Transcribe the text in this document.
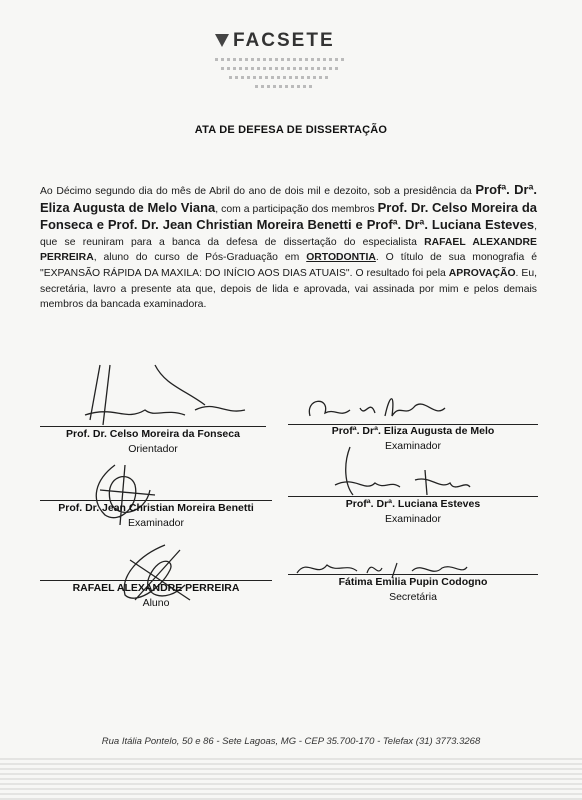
FACSETE
ATA DE DEFESA DE DISSERTAÇÃO
Ao Décimo segundo dia do mês de Abril do ano de dois mil e dezoito, sob a presidência da Profª. Drª. Eliza Augusta de Melo Viana, com a participação dos membros Prof. Dr. Celso Moreira da Fonseca e Prof. Dr. Jean Christian Moreira Benetti e Profª. Drª. Luciana Esteves, que se reuniram para a banca da defesa de dissertação do especialista RAFAEL ALEXANDRE PERREIRA, aluno do curso de Pós-Graduação em ORTODONTIA. O título de sua monografia é "EXPANSÃO RÁPIDA DA MAXILA: DO INÍCIO AOS DIAS ATUAIS". O resultado foi pela APROVAÇÃO. Eu, secretária, lavro a presente ata que, depois de lida e aprovada, vai assinada por mim e pelos demais membros da bancada examinadora.
Prof. Dr. Celso Moreira da Fonseca
Orientador
Profª. Drª. Eliza Augusta de Melo
Examinador
Prof. Dr. Jean Christian Moreira Benetti
Examinador
Profª. Drª. Luciana Esteves
Examinador
RAFAEL ALEXANDRE PERREIRA
Aluno
Fátima Emilia Pupin Codogno
Secretária
Rua Itália Pontelo, 50 e 86 - Sete Lagoas, MG - CEP 35.700-170 - Telefax (31) 3773.3268
